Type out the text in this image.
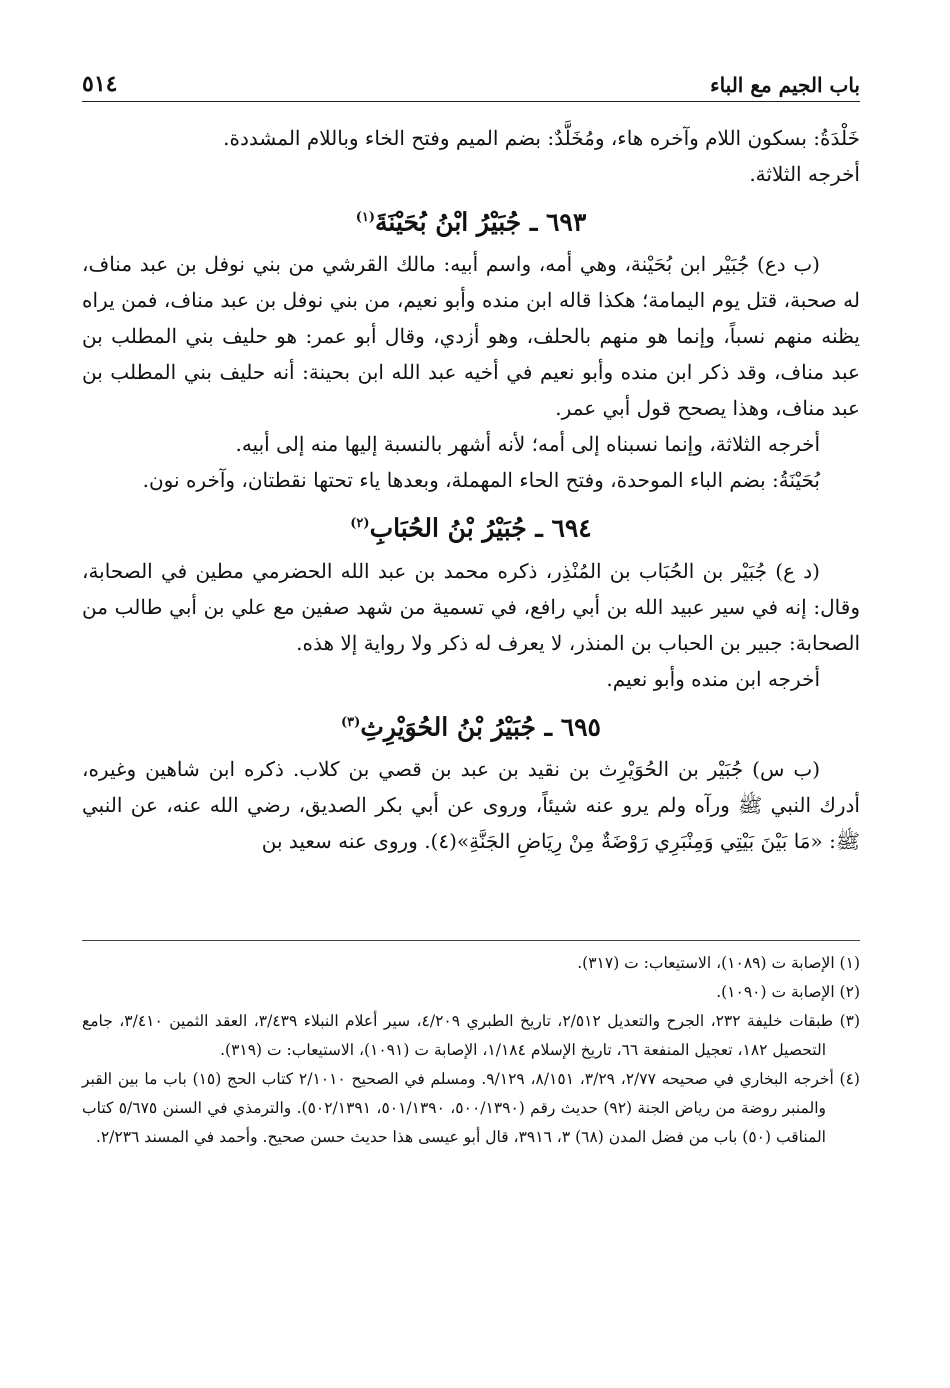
باب الجيم مع الباء
٥١٤

خَلْدَةُ: بسكون اللام وآخره هاء، ومُخَلَّدٌ: بضم الميم وفتح الخاء وباللام المشددة.

أخرجه الثلاثة.

٦٩٣ ـ جُبَيْرُ ابْنُ بُحَيْنَةَ$^{(١)}$

(ب دع) جُبَيْر ابن بُحَيْنة، وهي أمه، واسم أبيه: مالك القرشي من بني نوفل بن عبد مناف، له صحبة، قتل يوم اليمامة؛ هكذا قاله ابن منده وأبو نعيم، من بني نوفل بن عبد مناف، فمن يراه يظنه منهم نسباً، وإنما هو منهم بالحلف، وهو أزدي، وقال أبو عمر: هو حليف بني المطلب بن عبد مناف، وقد ذكر ابن منده وأبو نعيم في أخيه عبد الله ابن بحينة: أنه حليف بني المطلب بن عبد مناف، وهذا يصحح قول أبي عمر.

أخرجه الثلاثة، وإنما نسبناه إلى أمه؛ لأنه أشهر بالنسبة إليها منه إلى أبيه.

بُحَيْنَةُ: بضم الباء الموحدة، وفتح الحاء المهملة، وبعدها ياء تحتها نقطتان، وآخره نون.

٦٩٤ ـ جُبَيْرُ بْنُ الحُبَابِ$^{(٢)}$

(د ع) جُبَيْر بن الحُبَاب بن المُنْذِر، ذكره محمد بن عبد الله الحضرمي مطين في الصحابة، وقال: إنه في سير عبيد الله بن أبي رافع، في تسمية من شهد صفين مع علي بن أبي طالب من الصحابة: جبير بن الحباب بن المنذر، لا يعرف له ذكر ولا رواية إلا هذه.

أخرجه ابن منده وأبو نعيم.

٦٩٥ ـ جُبَيْرُ بْنُ الحُوَيْرِثِ$^{(٣)}$

(ب س) جُبَيْر بن الحُوَيْرِث بن نقيد بن عبد بن قصي بن كلاب. ذكره ابن شاهين وغيره، أدرك النبي ﷺ ورآه ولم يرو عنه شيئاً، وروى عن أبي بكر الصديق، رضي الله عنه، عن النبي ﷺ: «مَا بَيْنَ بَيْتِي وَمِنْبَرِي رَوْضَةٌ مِنْ رِيَاضِ الجَنَّةِ»(٤). وروى عنه سعيد بن

(١) الإصابة ت (١٠٨٩)، الاستيعاب: ت (٣١٧).

(٢) الإصابة ت (١٠٩٠).

(٣) طبقات خليفة ٢٣٢، الجرح والتعديل ٢/٥١٢، تاريخ الطبري ٤/٢٠٩، سير أعلام النبلاء ٣/٤٣٩، العقد الثمين ٣/٤١٠، جامع التحصيل ١٨٢، تعجيل المنفعة ٦٦، تاريخ الإسلام ١/١٨٤، الإصابة ت (١٠٩١)، الاستيعاب: ت (٣١٩).

(٤) أخرجه البخاري في صحيحه ٢/٧٧، ٣/٢٩، ٨/١٥١، ٩/١٢٩. ومسلم في الصحيح ٢/١٠١٠ كتاب الحج (١٥) باب ما بين القبر والمنبر روضة من رياض الجنة (٩٢) حديث رقم (٥٠٠/١٣٩٠، ٥٠١/١٣٩٠، ٥٠٢/١٣٩١). والترمذي في السنن ٥/٦٧٥ كتاب المناقب (٥٠) باب من فضل المدن (٦٨) ٣، ٣٩١٦، قال أبو عيسى هذا حديث حسن صحيح. وأحمد في المسند ٢/٢٣٦.
